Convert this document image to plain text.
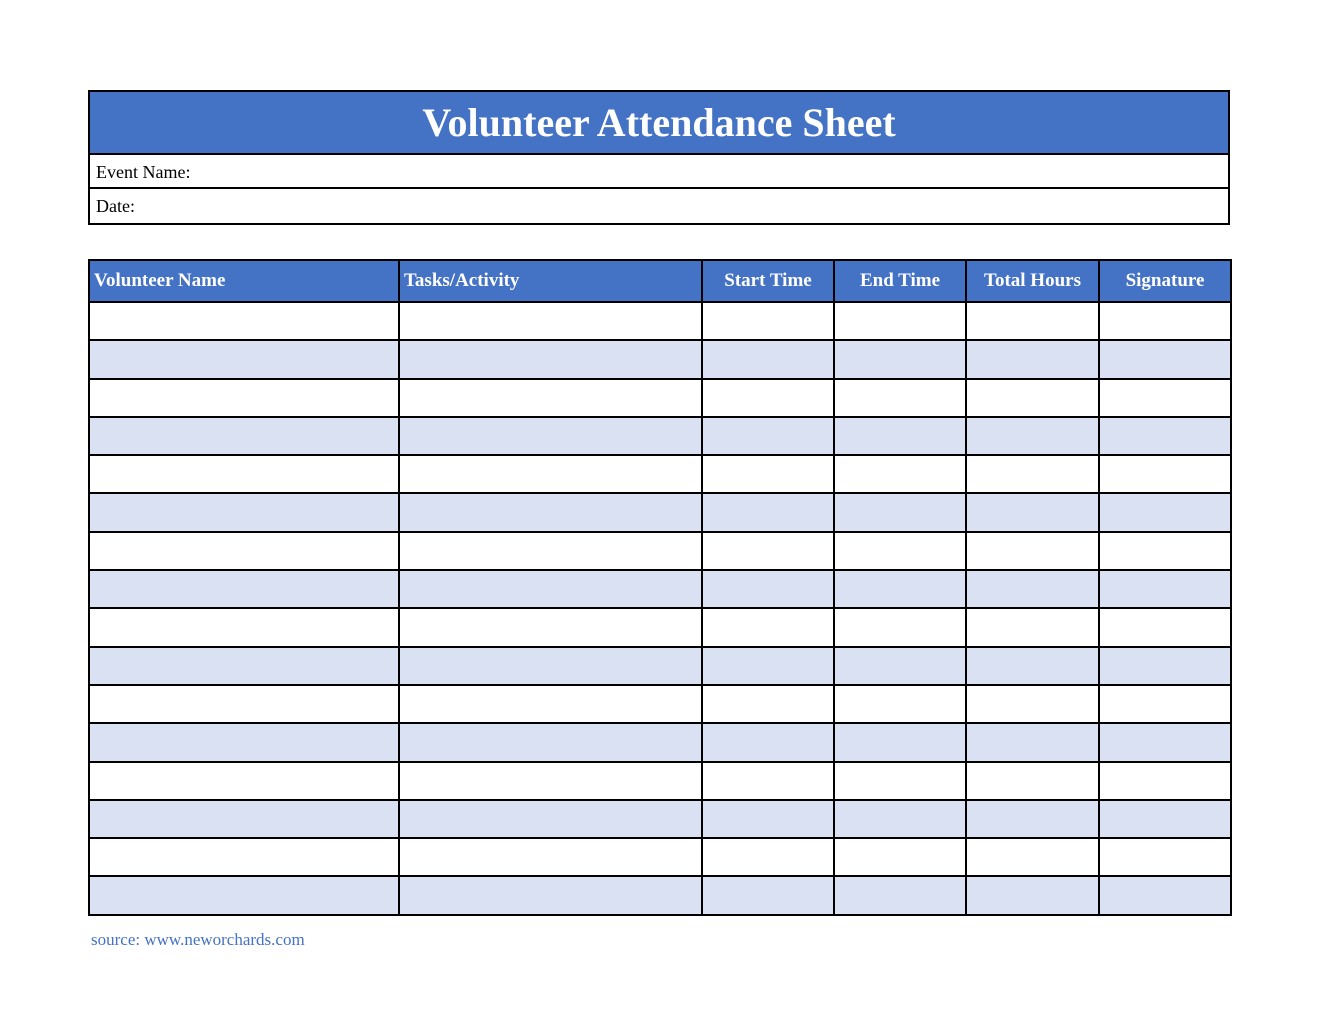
Volunteer Attendance Sheet
Event Name:
Date:
Volunteer Name	Tasks/Activity	Start Time	End Time	Total Hours	Signature

source: www.neworchards.com
